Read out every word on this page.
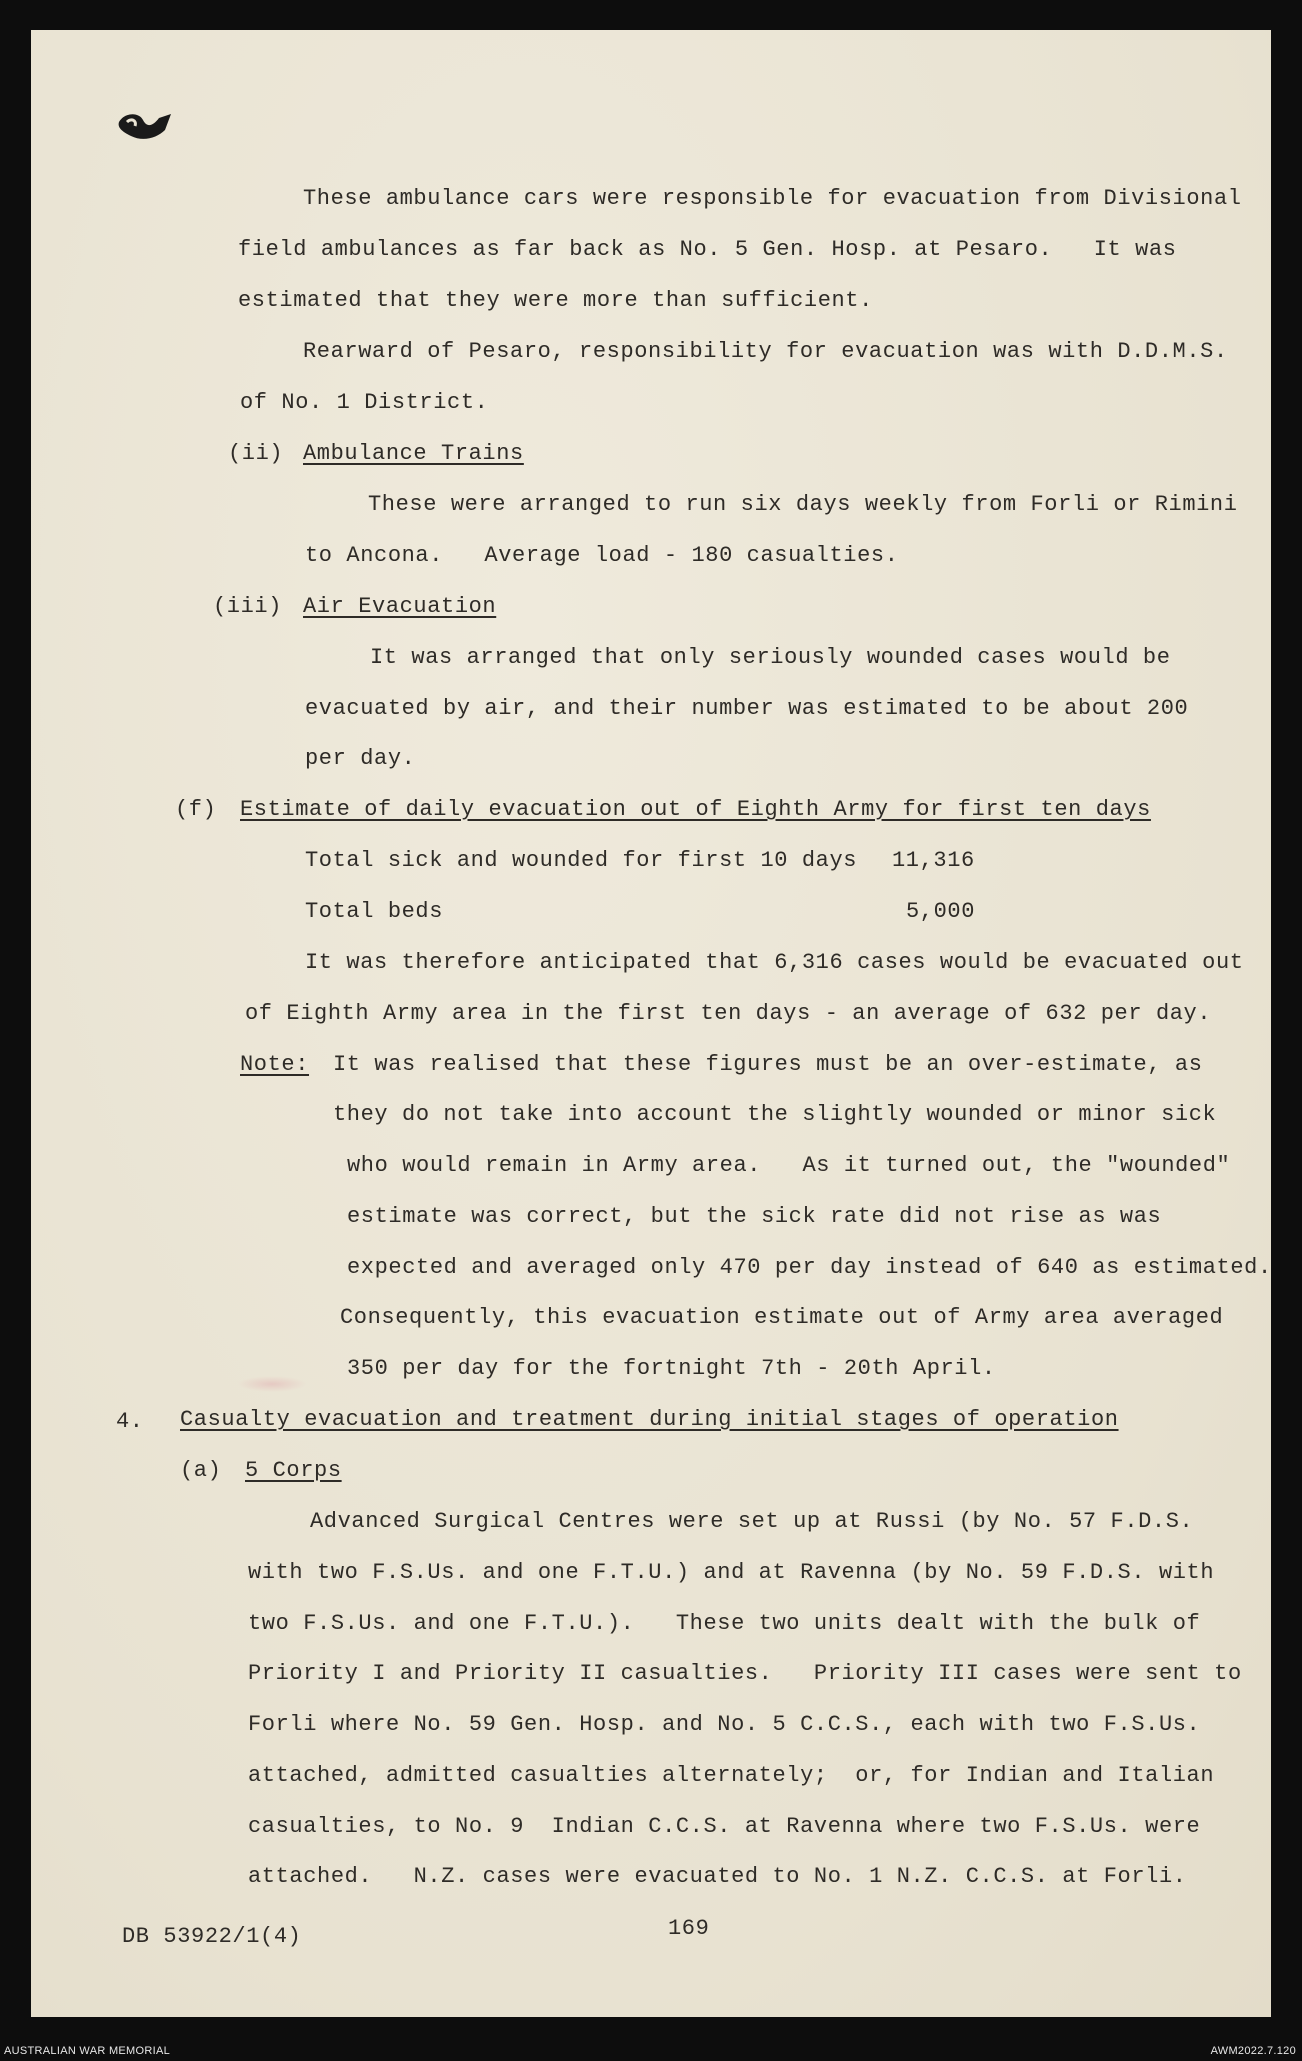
These ambulance cars were responsible for evacuation from Divisional
field ambulances as far back as No. 5 Gen. Hosp. at Pesaro.   It was
estimated that they were more than sufficient.
Rearward of Pesaro, responsibility for evacuation was with D.D.M.S.
of No. 1 District.
(ii) Ambulance Trains
These were arranged to run six days weekly from Forli or Rimini
to Ancona.   Average load - 180 casualties.
(iii) Air Evacuation
It was arranged that only seriously wounded cases would be
evacuated by air, and their number was estimated to be about 200
per day.
(f) Estimate of daily evacuation out of Eighth Army for first ten days
Total sick and wounded for first 10 days 11,316
Total beds	5,000
It was therefore anticipated that 6,316 cases would be evacuated out
of Eighth Army area in the first ten days - an average of 632 per day.
Note: It was realised that these figures must be an over-estimate, as
they do not take into account the slightly wounded or minor sick
who would remain in Army area.   As it turned out, the "wounded"
estimate was correct, but the sick rate did not rise as was
expected and averaged only 470 per day instead of 640 as estimated.
Consequently, this evacuation estimate out of Army area averaged
350 per day for the fortnight 7th - 20th April.
4. Casualty evacuation and treatment during initial stages of operation
(a) 5 Corps
Advanced Surgical Centres were set up at Russi (by No. 57 F.D.S.
with two F.S.Us. and one F.T.U.) and at Ravenna (by No. 59 F.D.S. with
two F.S.Us. and one F.T.U.).   These two units dealt with the bulk of
Priority I and Priority II casualties.   Priority III cases were sent to
Forli where No. 59 Gen. Hosp. and No. 5 C.C.S., each with two F.S.Us.
attached, admitted casualties alternately;  or, for Indian and Italian
casualties, to No. 9  Indian C.C.S. at Ravenna where two F.S.Us. were
attached.   N.Z. cases were evacuated to No. 1 N.Z. C.C.S. at Forli.
DB 53922/1(4)	169
AUSTRALIAN WAR MEMORIAL	AWM2022.7.120
